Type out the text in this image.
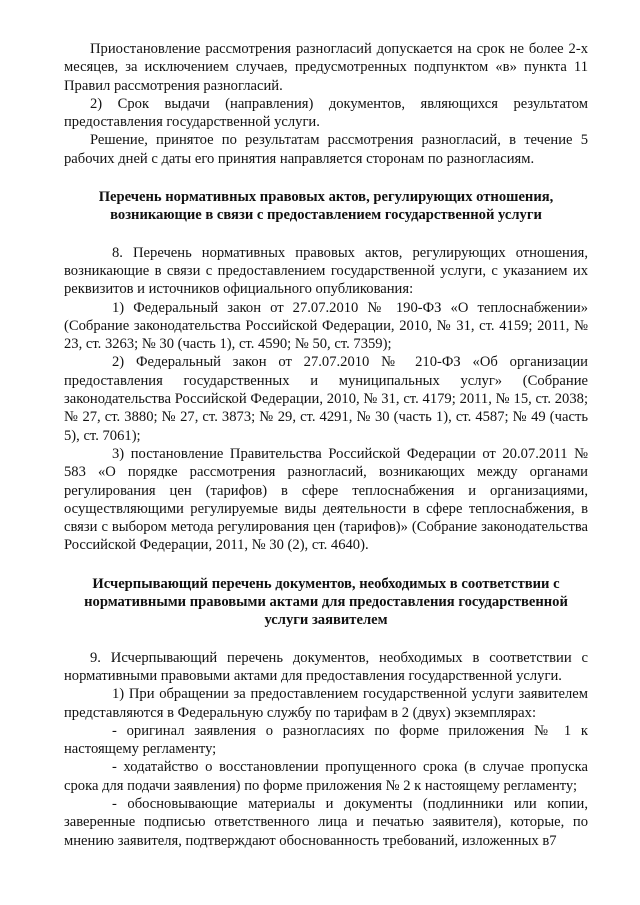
Приостановление рассмотрения разногласий допускается на срок не более 2-х месяцев, за исключением случаев, предусмотренных подпунктом «в» пункта 11 Правил рассмотрения разногласий.

2) Срок выдачи (направления) документов, являющихся результатом предоставления государственной услуги.

Решение, принятое по результатам рассмотрения разногласий, в течение 5 рабочих дней с даты его принятия направляется сторонам по разногласиям.

Перечень нормативных правовых актов, регулирующих отношения, возникающие в связи с предоставлением государственной услуги

8. Перечень нормативных правовых актов, регулирующих отношения, возникающие в связи с предоставлением государственной услуги, с указанием их реквизитов и источников официального опубликования:

1) Федеральный закон от 27.07.2010 № 190-ФЗ «О теплоснабжении» (Собрание законодательства Российской Федерации, 2010, № 31, ст. 4159; 2011, № 23, ст. 3263; № 30 (часть 1), ст. 4590; № 50, ст. 7359);

2) Федеральный закон от 27.07.2010 № 210-ФЗ «Об организации предоставления государственных и муниципальных услуг» (Собрание законодательства Российской Федерации, 2010, № 31, ст. 4179; 2011, № 15, ст. 2038; № 27, ст. 3880; № 27, ст. 3873; № 29, ст. 4291, № 30 (часть 1), ст. 4587; № 49 (часть 5), ст. 7061);

3) постановление Правительства Российской Федерации от 20.07.2011 № 583 «О порядке рассмотрения разногласий, возникающих между органами регулирования цен (тарифов) в сфере теплоснабжения и организациями, осуществляющими регулируемые виды деятельности в сфере теплоснабжения, в связи с выбором метода регулирования цен (тарифов)» (Собрание законодательства Российской Федерации, 2011, № 30 (2), ст. 4640).

Исчерпывающий перечень документов, необходимых в соответствии с нормативными правовыми актами для предоставления государственной услуги заявителем

9. Исчерпывающий перечень документов, необходимых в соответствии с нормативными правовыми актами для предоставления государственной услуги.

1) При обращении за предоставлением государственной услуги заявителем представляются в Федеральную службу по тарифам в 2 (двух) экземплярах:

- оригинал заявления о разногласиях по форме приложения № 1 к настоящему регламенту;

- ходатайство о восстановлении пропущенного срока (в случае пропуска срока для подачи заявления) по форме приложения № 2 к настоящему регламенту;

- обосновывающие материалы и документы (подлинники или копии, заверенные подписью ответственного лица и печатью заявителя), которые, по мнению заявителя, подтверждают обоснованность требований, изложенных в7
